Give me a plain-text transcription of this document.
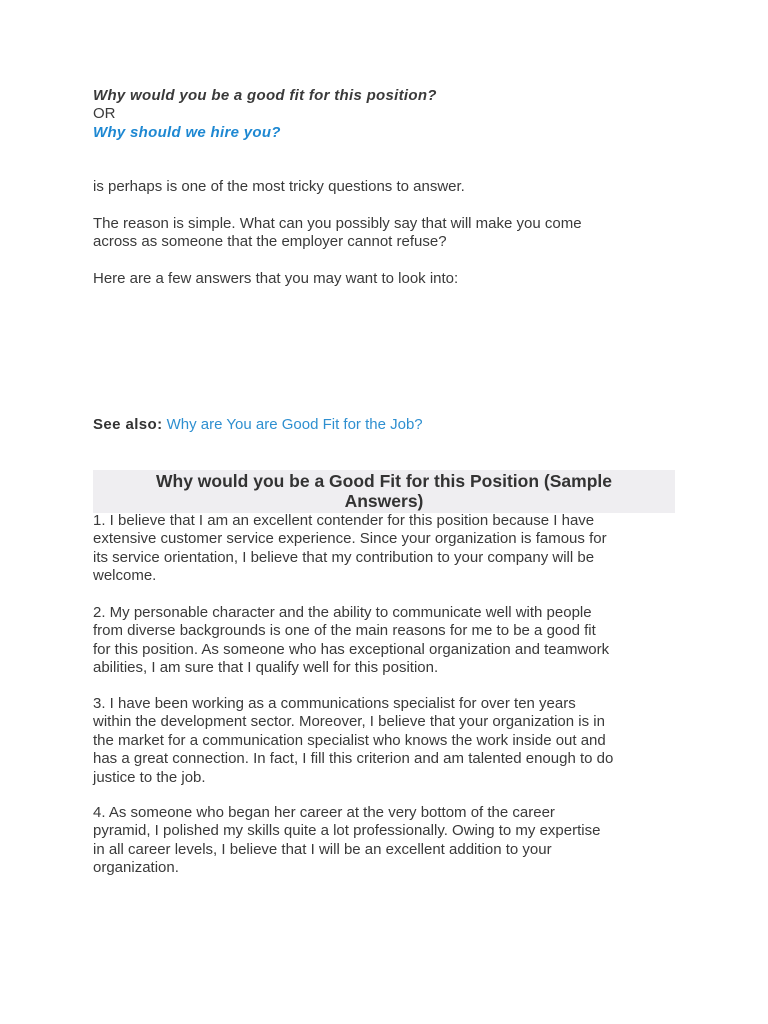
Why would you be a good fit for this position?
OR
Why should we hire you?
is perhaps is one of the most tricky questions to answer.
The reason is simple. What can you possibly say that will make you come
across as someone that the employer cannot refuse?
Here are a few answers that you may want to look into:
See also: Why are You are Good Fit for the Job?
Why would you be a Good Fit for this Position (Sample
Answers)
1. I believe that I am an excellent contender for this position because I have
extensive customer service experience. Since your organization is famous for
its service orientation, I believe that my contribution to your company will be
welcome.
2. My personable character and the ability to communicate well with people
from diverse backgrounds is one of the main reasons for me to be a good fit
for this position. As someone who has exceptional organization and teamwork
abilities, I am sure that I qualify well for this position.
3. I have been working as a communications specialist for over ten years
within the development sector. Moreover, I believe that your organization is in
the market for a communication specialist who knows the work inside out and
has a great connection. In fact, I fill this criterion and am talented enough to do
justice to the job.
4. As someone who began her career at the very bottom of the career
pyramid, I polished my skills quite a lot professionally. Owing to my expertise
in all career levels, I believe that I will be an excellent addition to your
organization.
